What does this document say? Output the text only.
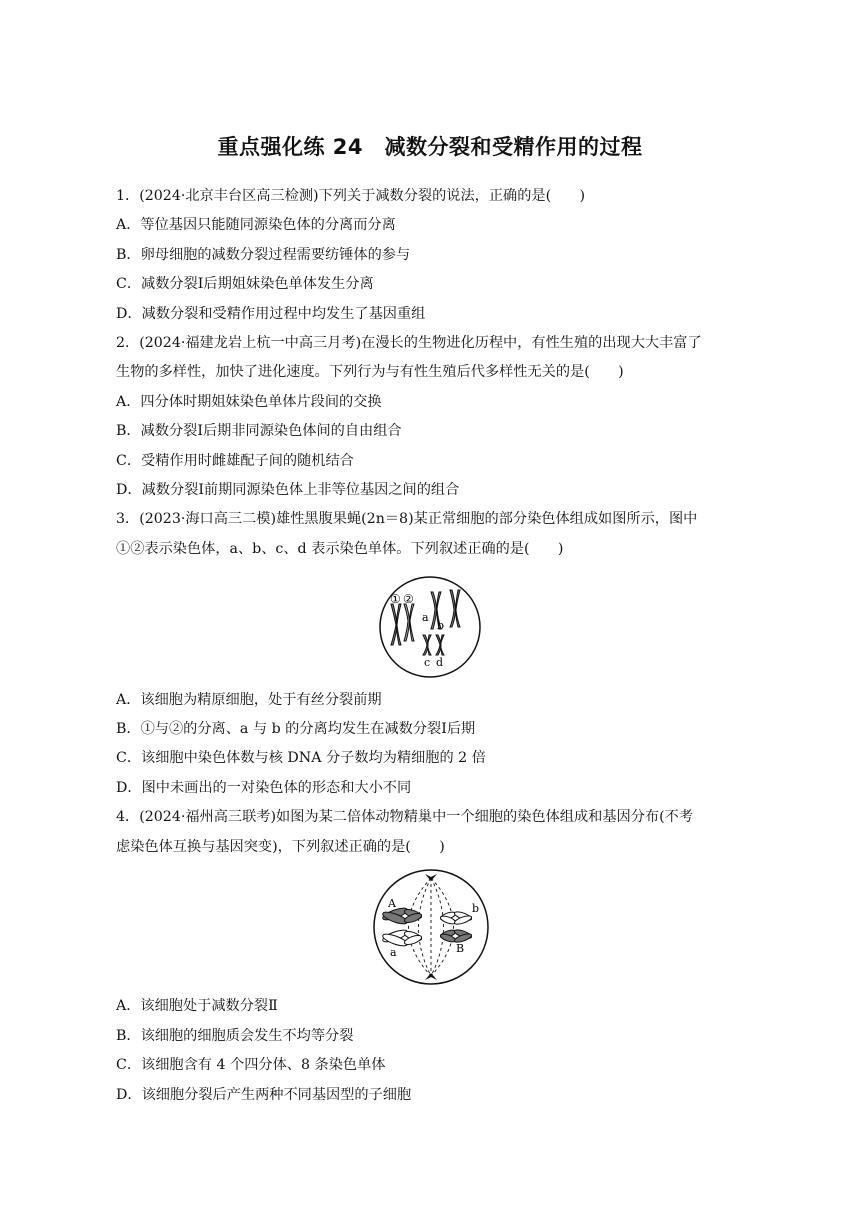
重点强化练 24　减数分裂和受精作用的过程
1．(2024·北京丰台区高三检测)下列关于减数分裂的说法，正确的是(　　)
A．等位基因只能随同源染色体的分离而分离
B．卵母细胞的减数分裂过程需要纺锤体的参与
C．减数分裂Ⅰ后期姐妹染色单体发生分离
D．减数分裂和受精作用过程中均发生了基因重组
2．(2024·福建龙岩上杭一中高三月考)在漫长的生物进化历程中，有性生殖的出现大大丰富了
生物的多样性，加快了进化速度。下列行为与有性生殖后代多样性无关的是(　　)
A．四分体时期姐妹染色单体片段间的交换
B．减数分裂Ⅰ后期非同源染色体间的自由组合
C．受精作用时雌雄配子间的随机结合
D．减数分裂Ⅰ前期同源染色体上非等位基因之间的组合
3．(2023·海口高三二模)雄性黑腹果蝇(2n＝8)某正常细胞的部分染色体组成如图所示，图中
①②表示染色体，a、b、c、d 表示染色单体。下列叙述正确的是(　　)
① ②
a
b
c d
A．该细胞为精原细胞，处于有丝分裂前期
B．①与②的分离、a 与 b 的分离均发生在减数分裂Ⅰ后期
C．该细胞中染色体数与核 DNA 分子数均为精细胞的 2 倍
D．图中未画出的一对染色体的形态和大小不同
4．(2024·福州高三联考)如图为某二倍体动物精巢中一个细胞的染色体组成和基因分布(不考
虑染色体互换与基因突变)，下列叙述正确的是(　　)
A
a
b
B
A．该细胞处于减数分裂Ⅱ
B．该细胞的细胞质会发生不均等分裂
C．该细胞含有 4 个四分体、8 条染色单体
D．该细胞分裂后产生两种不同基因型的子细胞
